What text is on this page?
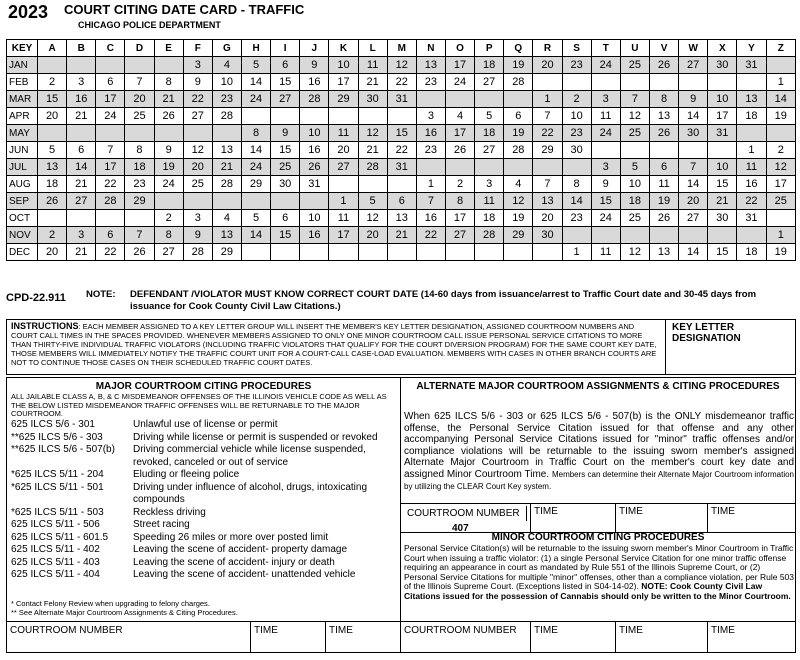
2023 COURT CITING DATE CARD - TRAFFIC
CHICAGO POLICE DEPARTMENT
KEY	A	B	C	D	E	F	G	H	I	J	K	L	M	N	O	P	Q	R	S	T	U	V	W	X	Y	Z
JAN						3	4	5	6	9	10	11	12	13	17	18	19	20	23	24	25	26	27	30	31	
FEB	2	3	6	7	8	9	10	14	15	16	17	21	22	23	24	27	28									1
MAR	15	16	17	20	21	22	23	24	27	28	29	30	31					1	2	3	7	8	9	10	13	14
APR	20	21	24	25	26	27	28							3	4	5	6	7	10	11	12	13	14	17	18	19
MAY								8	9	10	11	12	15	16	17	18	19	22	23	24	25	26	30	31		
JUN	5	6	7	8	9	12	13	14	15	16	20	21	22	23	26	27	28	29	30						1	2
JUL	13	14	17	18	19	20	21	24	25	26	27	28	31							3	5	6	7	10	11	12
AUG	18	21	22	23	24	25	28	29	30	31				1	2	3	4	7	8	9	10	11	14	15	16	17
SEP	26	27	28	29							1	5	6	7	8	11	12	13	14	15	18	19	20	21	22	25
OCT					2	3	4	5	6	10	11	12	13	16	17	18	19	20	23	24	25	26	27	30	31	
NOV	2	3	6	7	8	9	13	14	15	16	17	20	21	22	27	28	29	30								1
DEC	20	21	22	26	27	28	29												1	11	12	13	14	15	18	19
CPD-22.911 NOTE: DEFENDANT /VIOLATOR MUST KNOW CORRECT COURT DATE (14-60 days from issuance/arrest to Traffic Court date and 30-45 days from issuance for Cook County Civil Law Citations.)
INSTRUCTIONS: EACH MEMBER ASSIGNED TO A KEY LETTER GROUP WILL INSERT THE MEMBER'S KEY LETTER DESIGNATION, ASSIGNED COURTROOM NUMBERS AND COURT CALL TIMES IN THE SPACES PROVIDED. WHENEVER MEMBERS ASSIGNED TO ONLY ONE MINOR COURTROOM CALL ISSUE PERSONAL SERVICE CITATIONS TO MORE THAN THIRTY-FIVE INDIVIDUAL TRAFFIC VIOLATORS (INCLUDING TRAFFIC VIOLATORS THAT QUALIFY FOR THE COURT DIVERSION PROGRAM) FOR THE SAME COURT KEY DATE, THOSE MEMBERS WILL IMMEDIATELY NOTIFY THE TRAFFIC COURT UNIT FOR A COURT-CALL CASE-LOAD EVALUATION. MEMBERS WITH CASES IN OTHER BRANCH COURTS ARE NOT TO CONTINUE THOSE CASES ON THEIR SCHEDULED TRAFFIC COURT DATES.
KEY LETTER DESIGNATION
MAJOR COURTROOM CITING PROCEDURES
ALL JAILABLE CLASS A, B, & C MISDEMEANOR OFFENSES OF THE ILLINOIS VEHICLE CODE AS WELL AS THE BELOW LISTED MISDEMEANOR TRAFFIC OFFENSES WILL BE RETURNABLE TO THE MAJOR COURTROOM.
625 ILCS 5/6 - 301	Unlawful use of license or permit
**625 ILCS 5/6 - 303	Driving while license or permit is suspended or revoked
**625 ILCS 5/6 - 507(b)	Driving commercial vehicle while license suspended, revoked, canceled or out of service
*625 ILCS 5/11 - 204	Eluding or fleeing police
*625 ILCS 5/11 - 501	Driving under influence of alcohol, drugs, intoxicating compounds
*625 ILCS 5/11 - 503	Reckless driving
625 ILCS 5/11 - 506	Street racing
625 ILCS 5/11 - 601.5	Speeding 26 miles or more over posted limit
625 ILCS 5/11 - 402	Leaving the scene of accident- property damage
625 ILCS 5/11 - 403	Leaving the scene of accident- injury or death
625 ILCS 5/11 - 404	Leaving the scene of accident- unattended vehicle
* Contact Felony Review when upgrading to felony charges.
** See Alternate Major Courtroom Assignments & Citing Procedures.
COURTROOM NUMBER	TIME	TIME
ALTERNATE MAJOR COURTROOM ASSIGNMENTS & CITING PROCEDURES
When 625 ILCS 5/6 - 303 or 625 ILCS 5/6 - 507(b) is the ONLY misdemeanor traffic offense, the Personal Service Citation issued for that offense and any other accompanying Personal Service Citations issued for "minor" traffic offenses and/or compliance violations will be returnable to the issuing sworn member's assigned Alternate Major Courtroom in Traffic Court on the member's court key date and assigned Minor Courtroom Time. Members can determine their Alternate Major Courtroom information by utilizing the CLEAR Court Key system.
COURTROOM NUMBER
407
TIME	TIME	TIME
MINOR COURTROOM CITING PROCEDURES
Personal Service Citation(s) will be returnable to the issuing sworn member's Minor Courtroom in Traffic Court when issuing a traffic violator: (1) a single Personal Service Citation for one minor traffic offense requiring an appearance in court as mandated by Rule 551 of the Illinois Supreme Court, or (2) Personal Service Citations for multiple "minor" offenses, other than a compliance violation, per Rule 503 of the Illinois Supreme Court. (Exceptions listed in S04-14-02). NOTE: Cook County Civil Law Citations issued for the possession of Cannabis should only be written to the Minor Courtroom.
COURTROOM NUMBER	TIME	TIME	TIME
